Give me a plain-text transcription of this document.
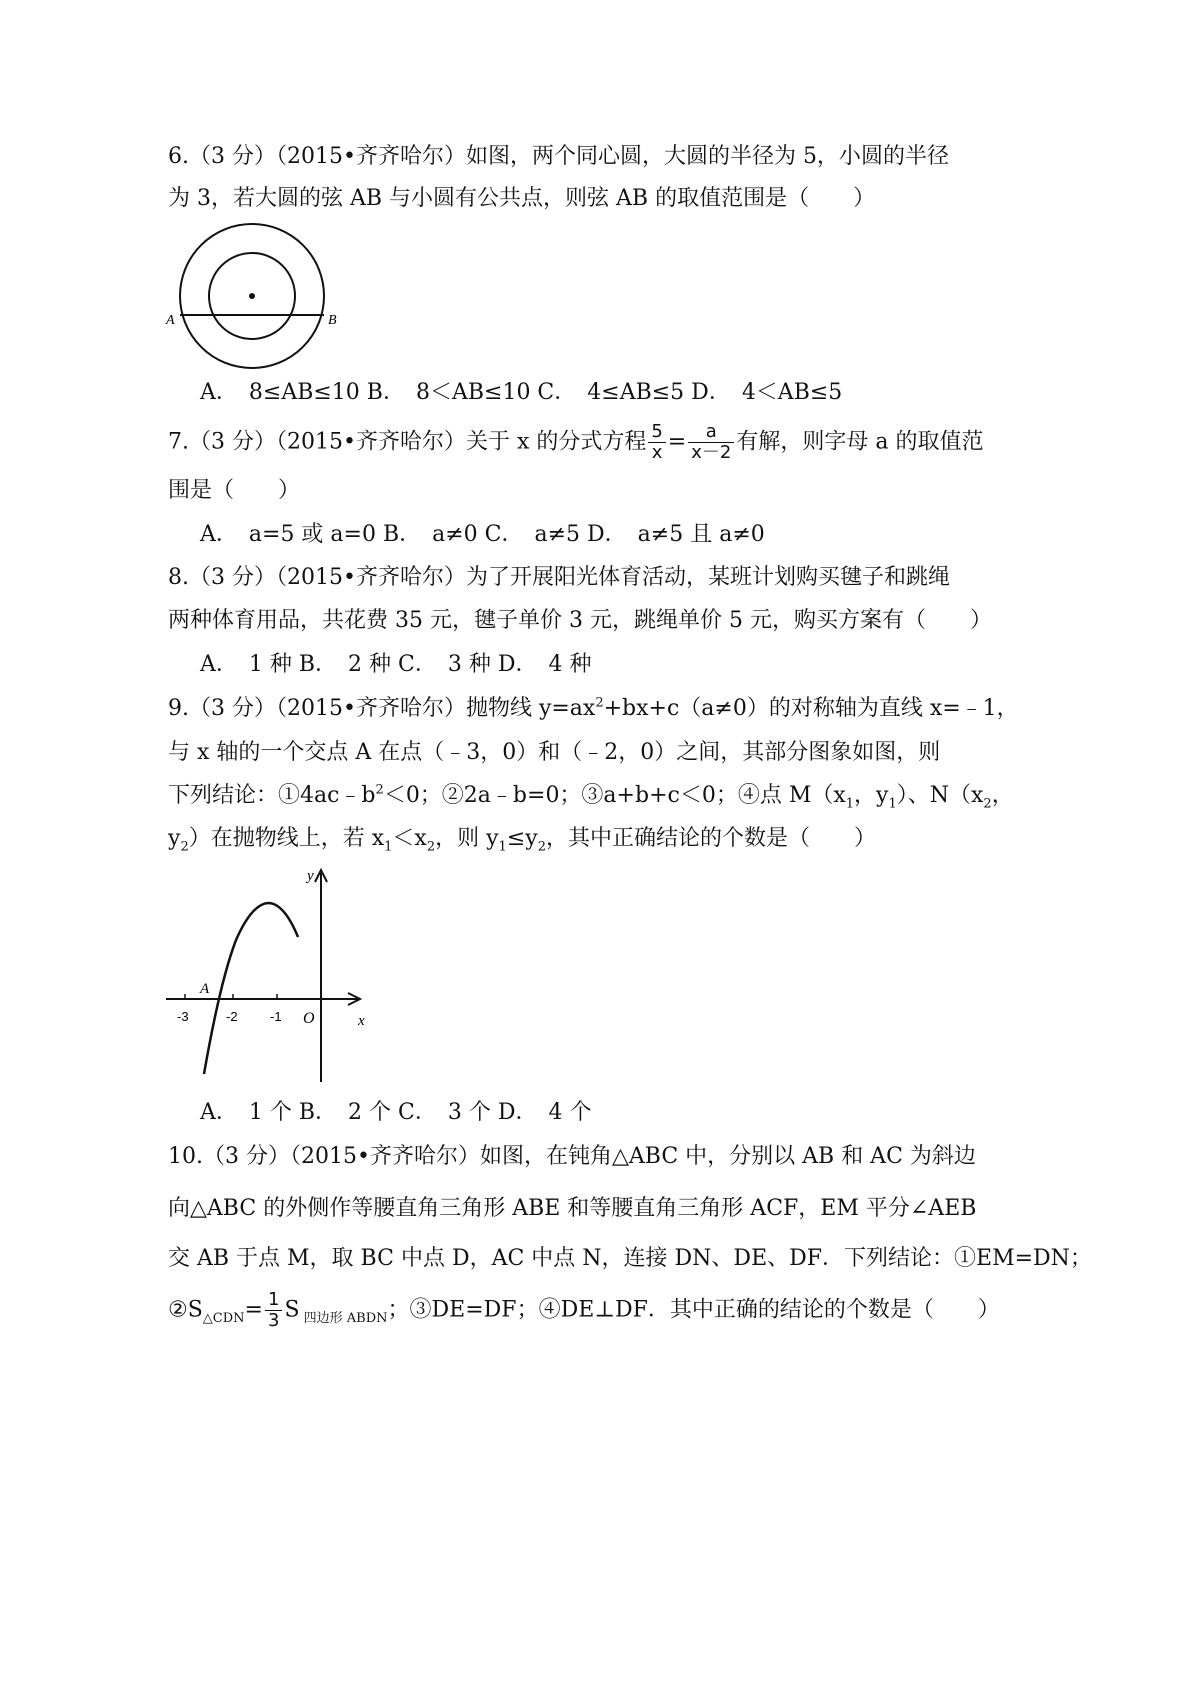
6.（3 分）（2015•齐齐哈尔）如图，两个同心圆，大圆的半径为 5，小圆的半径
为 3，若大圆的弦 AB 与小圆有公共点，则弦 AB 的取值范围是（　　）
A	B
A．　8≤AB≤10 B．　8＜AB≤10 C．　4≤AB≤5 D．　4＜AB≤5
7.（3 分）（2015•齐齐哈尔）关于 x 的分式方程 $\frac{5}{x} = \frac{a}{x-2}$ 有解，则字母 a 的取值范
围是（　　）
A．　a=5 或 a=0 B．　a≠0 C．　a≠5 D．　a≠5 且 a≠0
8.（3 分）（2015•齐齐哈尔）为了开展阳光体育活动，某班计划购买毽子和跳绳
两种体育用品，共花费 35 元，毽子单价 3 元，跳绳单价 5 元，购买方案有（　　）
A．　1 种 B．　2 种 C．　3 种 D．　4 种
9.（3 分）（2015•齐齐哈尔）抛物线 $y=ax^2+bx+c(a\ne 0)$的对称轴为直线 x=﹣1，
与 x 轴的一个交点 A 在点（﹣3，0）和（﹣2，0）之间，其部分图象如图，则
下列结论：$①4ac﹣b^2<0$；②2a﹣b=0；③a+b+c＜0；④点 $M(x_1$，$y_1$）、$N(x_2$，
$y_2$）在抛物线上，若 $x_1<x_2$，则 $y_1\le y_2$，其中正确结论的个数是（　　）
y
x
A
O
-3	-2 -1
A．　1 个 B．　2 个 C．　3 个 D．　4 个
10.（3 分）（2015•齐齐哈尔）如图，在钝角△ABC 中，分别以 AB 和 AC 为斜边
向△ABC 的外侧作等腰直角三角形 ABE 和等腰直角三角形 ACF，EM 平分∠AEB
交 AB 于点 M，取 BC 中点 D，AC 中点 N，连接 DN、DE、DF．下列结论：①EM=DN；
$②S_{\triangle CDN}= \frac{1}{3}$ S $_{四边形 ABDN}$；③DE=DF；④DE⊥DF．其中正确的结论的个数是（　　）
